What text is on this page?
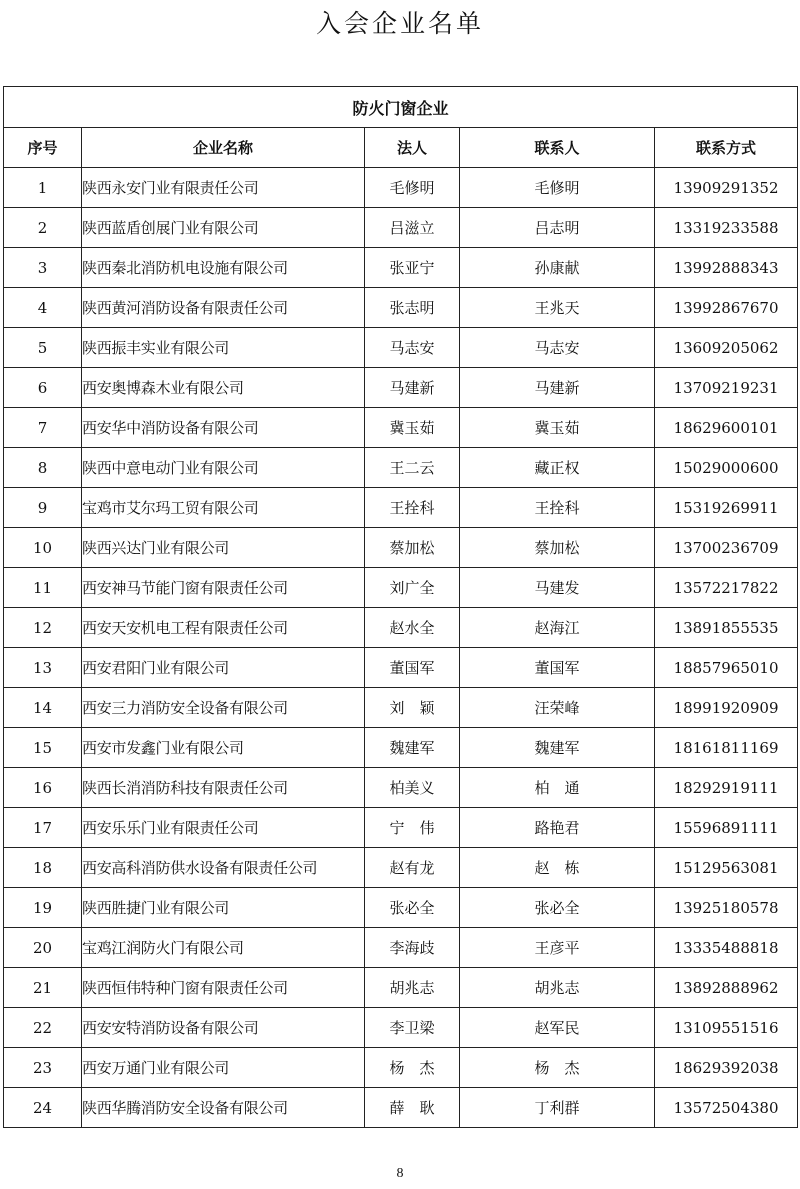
入会企业名单
防火门窗企业				
序号	企业名称	法人	联系人	联系方式
1	陕西永安门业有限责任公司	毛修明	毛修明	13909291352
2	陕西蓝盾创展门业有限公司	吕滋立	吕志明	13319233588
3	陕西秦北消防机电设施有限公司	张亚宁	孙康献	13992888343
4	陕西黄河消防设备有限责任公司	张志明	王兆天	13992867670
5	陕西振丰实业有限公司	马志安	马志安	13609205062
6	西安奥博森木业有限公司	马建新	马建新	13709219231
7	西安华中消防设备有限公司	冀玉茹	冀玉茹	18629600101
8	陕西中意电动门业有限公司	王二云	藏正权	15029000600
9	宝鸡市艾尔玛工贸有限公司	王拴科	王拴科	15319269911
10	陕西兴达门业有限公司	蔡加松	蔡加松	13700236709
11	西安神马节能门窗有限责任公司	刘广全	马建发	13572217822
12	西安天安机电工程有限责任公司	赵水全	赵海江	13891855535
13	西安君阳门业有限公司	董国军	董国军	18857965010
14	西安三力消防安全设备有限公司	刘　颖	汪荣峰	18991920909
15	西安市发鑫门业有限公司	魏建军	魏建军	18161811169
16	陕西长消消防科技有限责任公司	柏美义	柏　通	18292919111
17	西安乐乐门业有限责任公司	宁　伟	路艳君	15596891111
18	西安高科消防供水设备有限责任公司	赵有龙	赵　栋	15129563081
19	陕西胜捷门业有限公司	张必全	张必全	13925180578
20	宝鸡江润防火门有限公司	李海歧	王彦平	13335488818
21	陕西恒伟特种门窗有限责任公司	胡兆志	胡兆志	13892888962
22	西安安特消防设备有限公司	李卫梁	赵军民	13109551516
23	西安万通门业有限公司	杨　杰	杨　杰	18629392038
24	陕西华腾消防安全设备有限公司	薛　耿	丁利群	13572504380
8
